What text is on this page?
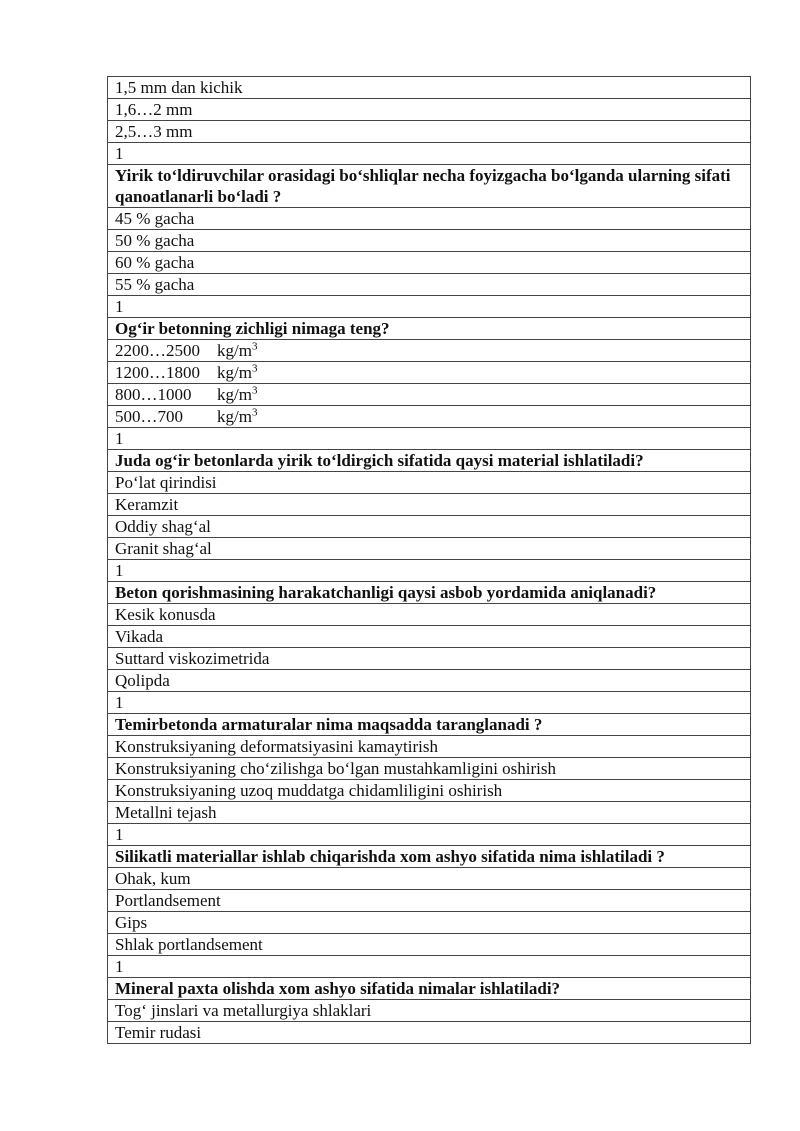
1,5 mm dan kichik
1,6…2 mm
2,5…3 mm
1
Yirik to‘ldiruvchilar orasidagi bo‘shliqlar necha foyizgacha bo‘lganda ularning sifati qanoatlanarli bo‘ladi ?
45 % gacha
50 % gacha
60 % gacha
55 % gacha
1
Og‘ir betonning zichligi nimaga teng?

2200…2500	$kg/m^3$

1200…1800	$kg/m^3$

800…1000	$kg/m^3$

500…700	$kg/m^3$

1
Juda og‘ir betonlarda yirik to‘ldirgich sifatida qaysi material ishlatiladi?
Po‘lat qirindisi
Keramzit
Oddiy shag‘al
Granit shag‘al
1
Beton qorishmasining harakatchanligi qaysi asbob yordamida aniqlanadi?
Kesik konusda
Vikada
Suttard viskozimetrida
Qolipda
1
Temirbetonda armaturalar nima maqsadda taranglanadi ?
Konstruksiyaning deformatsiyasini kamaytirish
Konstruksiyaning cho‘zilishga bo‘lgan mustahkamligini oshirish
Konstruksiyaning uzoq muddatga chidamliligini oshirish
Metallni tejash
1
Silikatli materiallar ishlab chiqarishda xom ashyo sifatida nima ishlatiladi ?
Ohak, kum
Portlandsement
Gips
Shlak portlandsement
1
Mineral paxta olishda xom ashyo sifatida nimalar ishlatiladi?
Tog‘ jinslari va metallurgiya shlaklari
Temir rudasi
